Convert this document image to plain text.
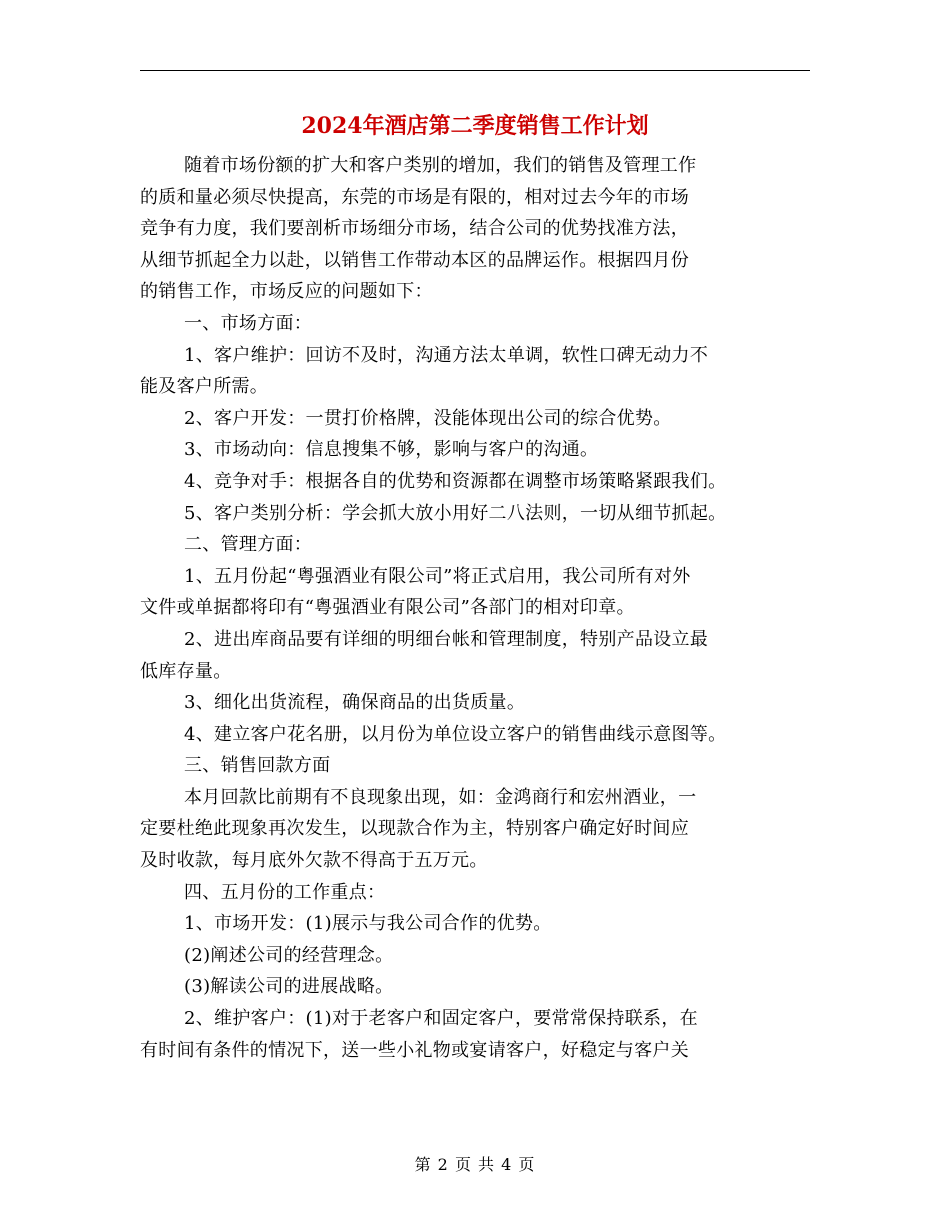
2024年酒店第二季度销售工作计划
随着市场份额的扩大和客户类别的增加，我们的销售及管理工作
的质和量必须尽快提高，东莞的市场是有限的，相对过去今年的市场
竞争有力度，我们要剖析市场细分市场，结合公司的优势找准方法，
从细节抓起全力以赴，以销售工作带动本区的品牌运作。根据四月份
的销售工作，市场反应的问题如下：
一、市场方面：
1、客户维护：回访不及时，沟通方法太单调，软性口碑无动力不
能及客户所需。
2、客户开发：一贯打价格牌，没能体现出公司的综合优势。
3、市场动向：信息搜集不够，影响与客户的沟通。
4、竞争对手：根据各自的优势和资源都在调整市场策略紧跟我们。
5、客户类别分析：学会抓大放小用好二八法则，一切从细节抓起。
二、管理方面：
1、五月份起“粤强酒业有限公司”将正式启用，我公司所有对外
文件或单据都将印有“粤强酒业有限公司”各部门的相对印章。
2、进出库商品要有详细的明细台帐和管理制度，特别产品设立最
低库存量。
3、细化出货流程，确保商品的出货质量。
4、建立客户花名册，以月份为单位设立客户的销售曲线示意图等。
三、销售回款方面
本月回款比前期有不良现象出现，如：金鸿商行和宏州酒业，一
定要杜绝此现象再次发生，以现款合作为主，特别客户确定好时间应
及时收款，每月底外欠款不得高于五万元。
四、五月份的工作重点：
1、市场开发：(1)展示与我公司合作的优势。
(2)阐述公司的经营理念。
(3)解读公司的进展战略。
2、维护客户：(1)对于老客户和固定客户，要常常保持联系，在
有时间有条件的情况下，送一些小礼物或宴请客户，好稳定与客户关
第 2 页 共 4 页
